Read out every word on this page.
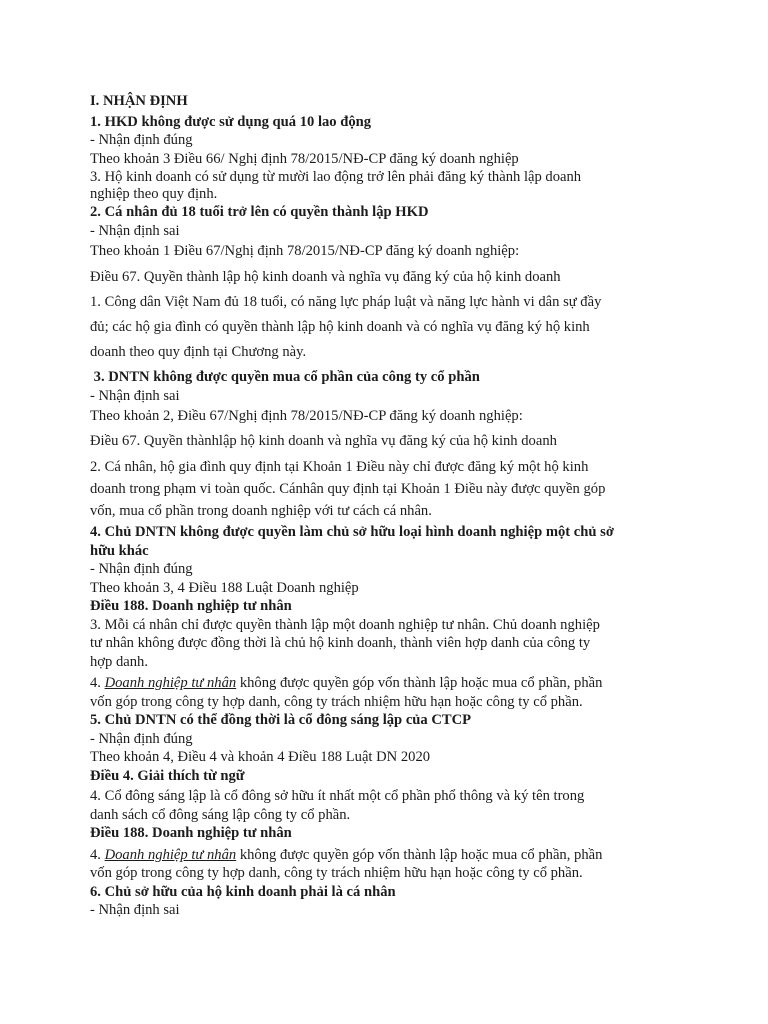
I. NHẬN ĐỊNH
1. HKD không được sử dụng quá 10 lao động
- Nhận định đúng
Theo khoản 3 Điều 66/ Nghị định 78/2015/NĐ-CP đăng ký doanh nghiệp
3. Hộ kinh doanh có sử dụng từ mười lao động trở lên phải đăng ký thành lập doanh
nghiệp theo quy định.
2. Cá nhân đủ 18 tuổi trở lên có quyền thành lập HKD
- Nhận định sai
Theo khoản 1 Điều 67/Nghị định 78/2015/NĐ-CP đăng ký doanh nghiệp:
Điều 67. Quyền thành lập hộ kinh doanh và nghĩa vụ đăng ký của hộ kinh doanh
1. Công dân Việt Nam đủ 18 tuổi, có năng lực pháp luật và năng lực hành vi dân sự đầy
đủ; các hộ gia đình có quyền thành lập hộ kinh doanh và có nghĩa vụ đăng ký hộ kinh
doanh theo quy định tại Chương này.
3. DNTN không được quyền mua cổ phần của công ty cổ phần
- Nhận định sai
Theo khoản 2, Điều 67/Nghị định 78/2015/NĐ-CP đăng ký doanh nghiệp:
Điều 67. Quyền thànhlập hộ kinh doanh và nghĩa vụ đăng ký của hộ kinh doanh
2. Cá nhân, hộ gia đình quy định tại Khoản 1 Điều này chỉ được đăng ký một hộ kinh
doanh trong phạm vi toàn quốc. Cánhân quy định tại Khoản 1 Điều này được quyền góp
vốn, mua cổ phần trong doanh nghiệp với tư cách cá nhân.
4. Chủ DNTN không được quyền làm chủ sở hữu loại hình doanh nghiệp một chủ sở
hữu khác
- Nhận định đúng
Theo khoản 3, 4 Điều 188 Luật Doanh nghiệp
Điều 188. Doanh nghiệp tư nhân
3. Mỗi cá nhân chỉ được quyền thành lập một doanh nghiệp tư nhân. Chủ doanh nghiệp
tư nhân không được đồng thời là chủ hộ kinh doanh, thành viên hợp danh của công ty
hợp danh.
4. Doanh nghiệp tư nhân không được quyền góp vốn thành lập hoặc mua cổ phần, phần
vốn góp trong công ty hợp danh, công ty trách nhiệm hữu hạn hoặc công ty cổ phần.
5. Chủ DNTN có thể đồng thời là cổ đông sáng lập của CTCP
- Nhận định đúng
Theo khoản 4, Điều 4 và khoản 4 Điều 188 Luật DN 2020
Điều 4. Giải thích từ ngữ
4. Cổ đông sáng lập là cổ đông sở hữu ít nhất một cổ phần phổ thông và ký tên trong
danh sách cổ đông sáng lập công ty cổ phần.
Điều 188. Doanh nghiệp tư nhân
4. Doanh nghiệp tư nhân không được quyền góp vốn thành lập hoặc mua cổ phần, phần
vốn góp trong công ty hợp danh, công ty trách nhiệm hữu hạn hoặc công ty cổ phần.
6. Chủ sở hữu của hộ kinh doanh phải là cá nhân
- Nhận định sai
